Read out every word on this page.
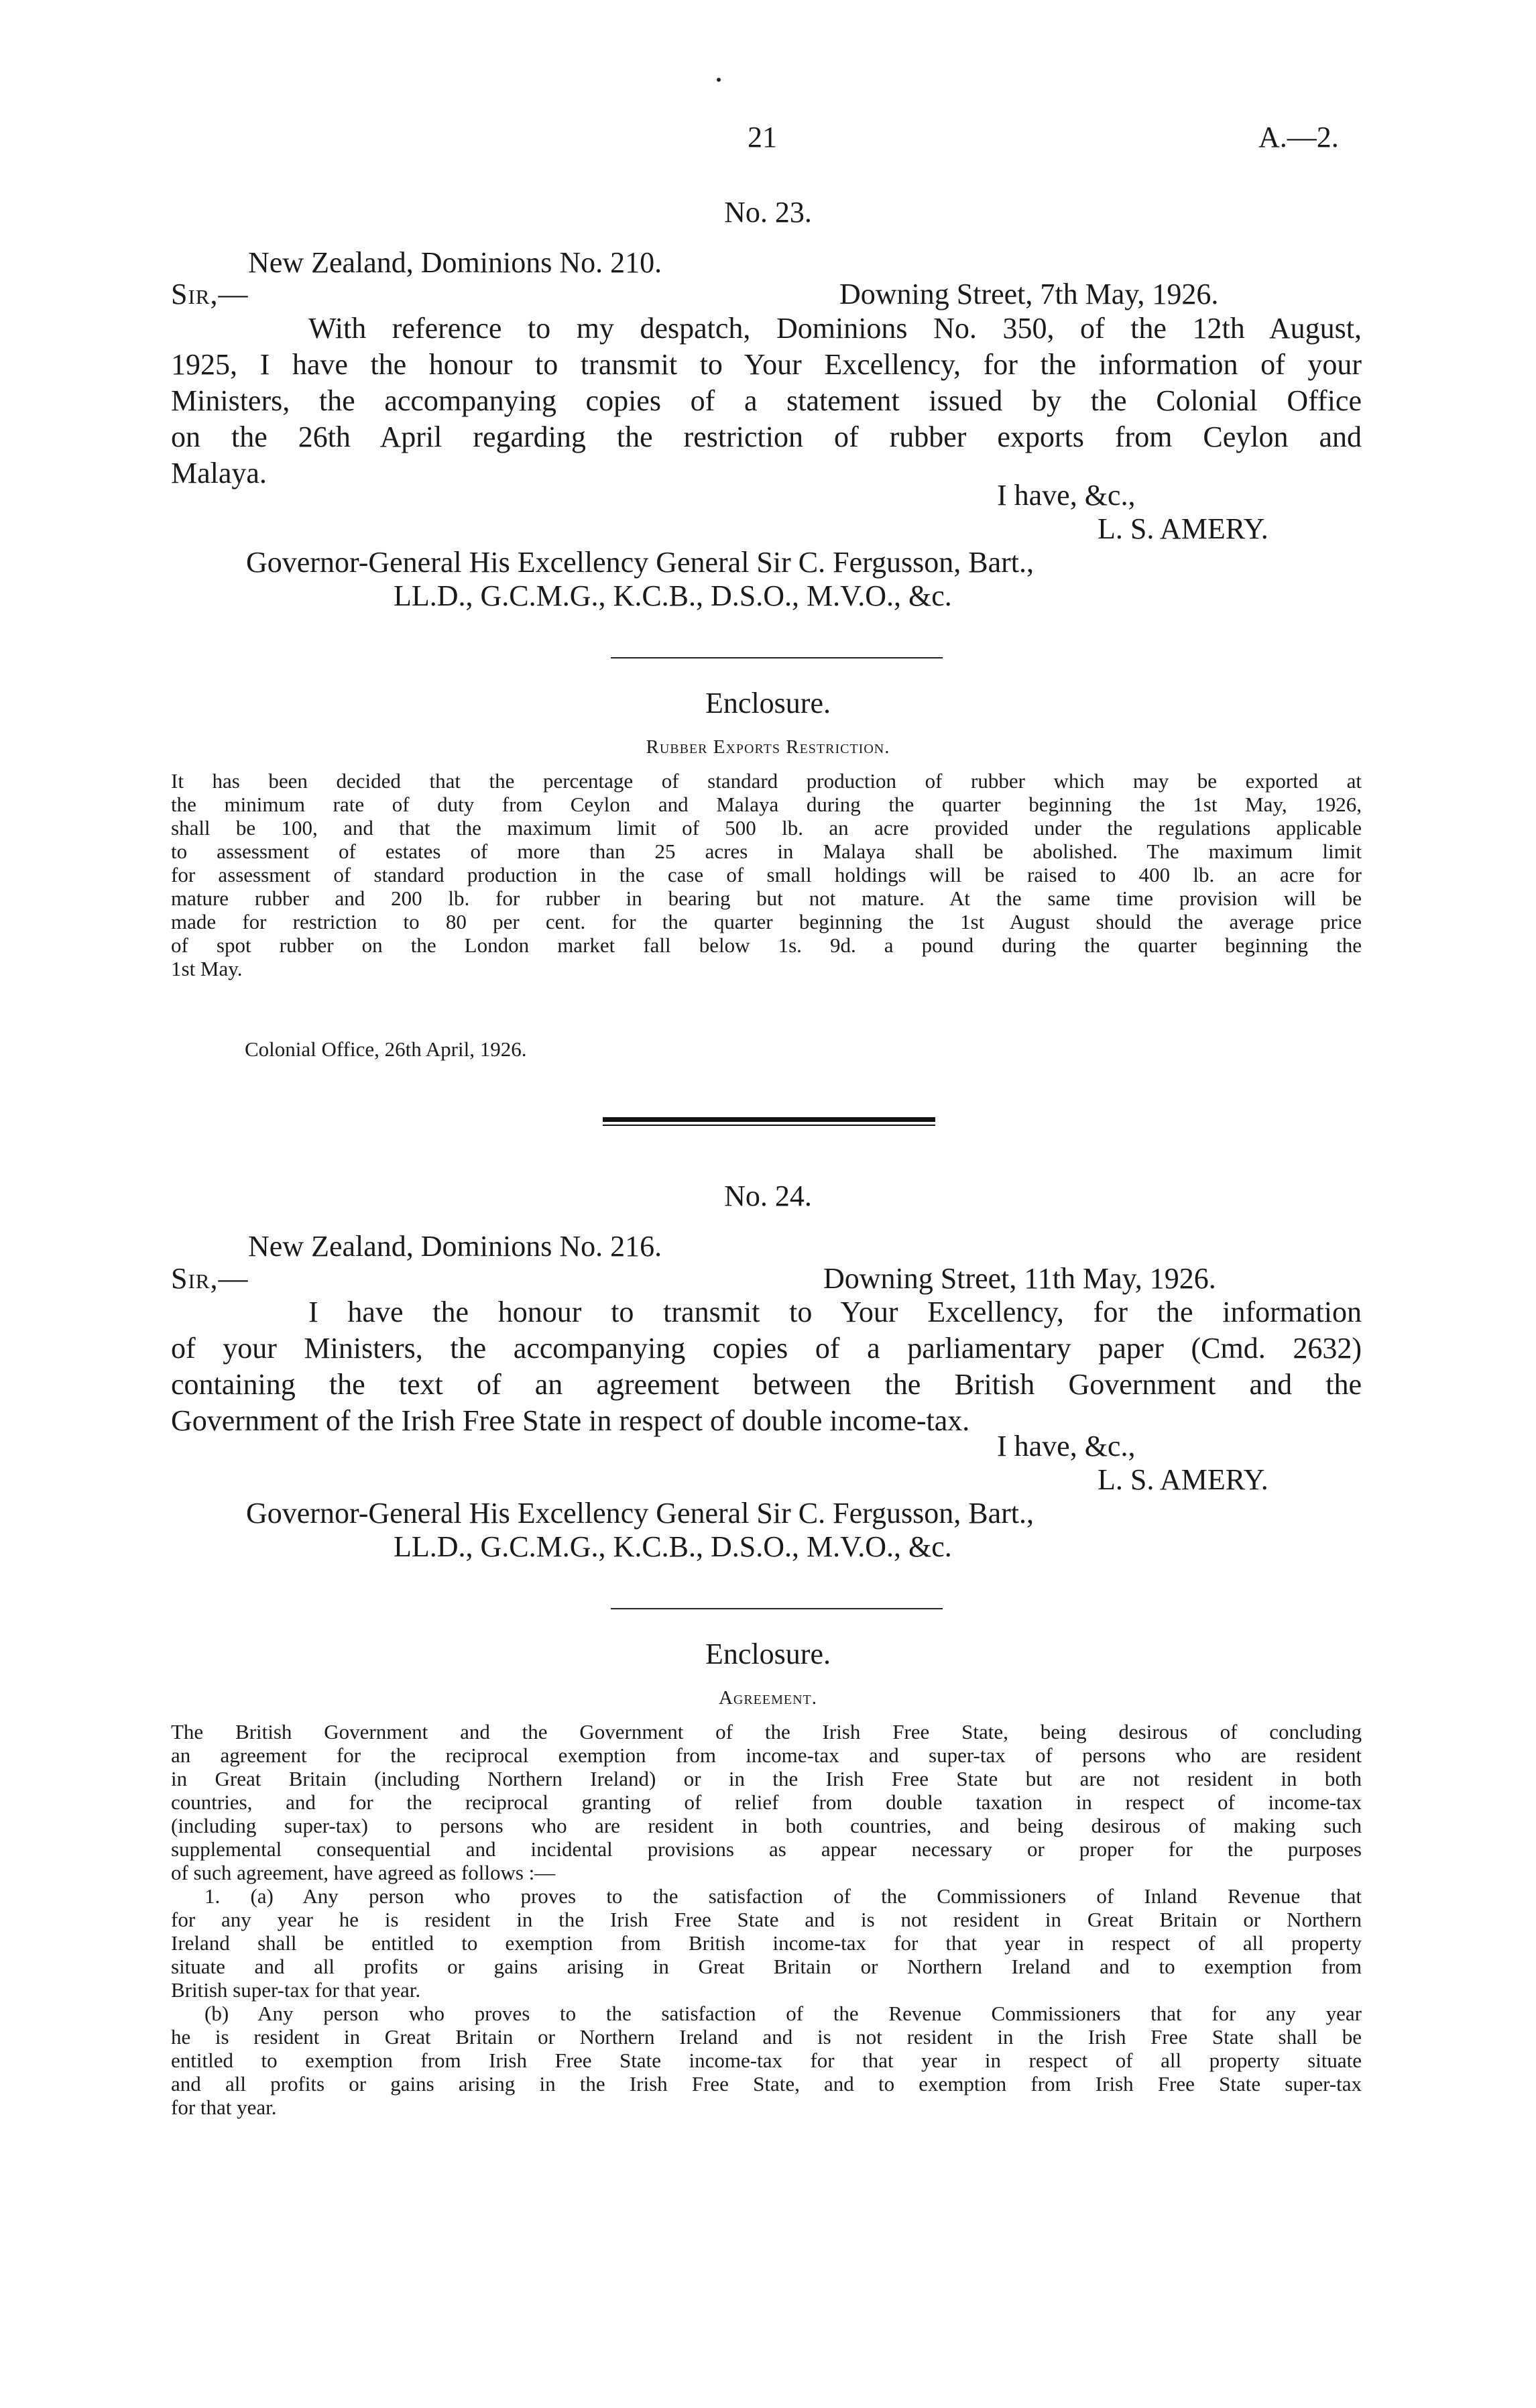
21	A.—2.
No. 23.
New Zealand, Dominions No. 210.
Sir,—	Downing Street, 7th May, 1926.
With reference to my despatch, Dominions No. 350, of the 12th August,
1925, I have the honour to transmit to Your Excellency, for the information of your
Ministers, the accompanying copies of a statement issued by the Colonial Office
on the 26th April regarding the restriction of rubber exports from Ceylon and
Malaya.
I have, &c.,
L. S. AMERY.
Governor-General His Excellency General Sir C. Fergusson, Bart.,
LL.D., G.C.M.G., K.C.B., D.S.O., M.V.O., &c.
Enclosure.
Rubber Exports Restriction.
It has been decided that the percentage of standard production of rubber which may be exported at
the minimum rate of duty from Ceylon and Malaya during the quarter beginning the 1st May, 1926,
shall be 100, and that the maximum limit of 500 lb. an acre provided under the regulations applicable
to assessment of estates of more than 25 acres in Malaya shall be abolished. The maximum limit
for assessment of standard production in the case of small holdings will be raised to 400 lb. an acre for
mature rubber and 200 lb. for rubber in bearing but not mature. At the same time provision will be
made for restriction to 80 per cent. for the quarter beginning the 1st August should the average price
of spot rubber on the London market fall below 1s. 9d. a pound during the quarter beginning the
1st May.
Colonial Office, 26th April, 1926.
No. 24.
New Zealand, Dominions No. 216.
Sir,—	Downing Street, 11th May, 1926.
I have the honour to transmit to Your Excellency, for the information
of your Ministers, the accompanying copies of a parliamentary paper (Cmd. 2632)
containing the text of an agreement between the British Government and the
Government of the Irish Free State in respect of double income-tax.
I have, &c.,
L. S. AMERY.
Governor-General His Excellency General Sir C. Fergusson, Bart.,
LL.D., G.C.M.G., K.C.B., D.S.O., M.V.O., &c.
Enclosure.
Agreement.
The British Government and the Government of the Irish Free State, being desirous of concluding
an agreement for the reciprocal exemption from income-tax and super-tax of persons who are resident
in Great Britain (including Northern Ireland) or in the Irish Free State but are not resident in both
countries, and for the reciprocal granting of relief from double taxation in respect of income-tax
(including super-tax) to persons who are resident in both countries, and being desirous of making such
supplemental consequential and incidental provisions as appear necessary or proper for the purposes
of such agreement, have agreed as follows :—
1. (a) Any person who proves to the satisfaction of the Commissioners of Inland Revenue that
for any year he is resident in the Irish Free State and is not resident in Great Britain or Northern
Ireland shall be entitled to exemption from British income-tax for that year in respect of all property
situate and all profits or gains arising in Great Britain or Northern Ireland and to exemption from
British super-tax for that year.
(b) Any person who proves to the satisfaction of the Revenue Commissioners that for any year
he is resident in Great Britain or Northern Ireland and is not resident in the Irish Free State shall be
entitled to exemption from Irish Free State income-tax for that year in respect of all property situate
and all profits or gains arising in the Irish Free State, and to exemption from Irish Free State super-tax
for that year.
